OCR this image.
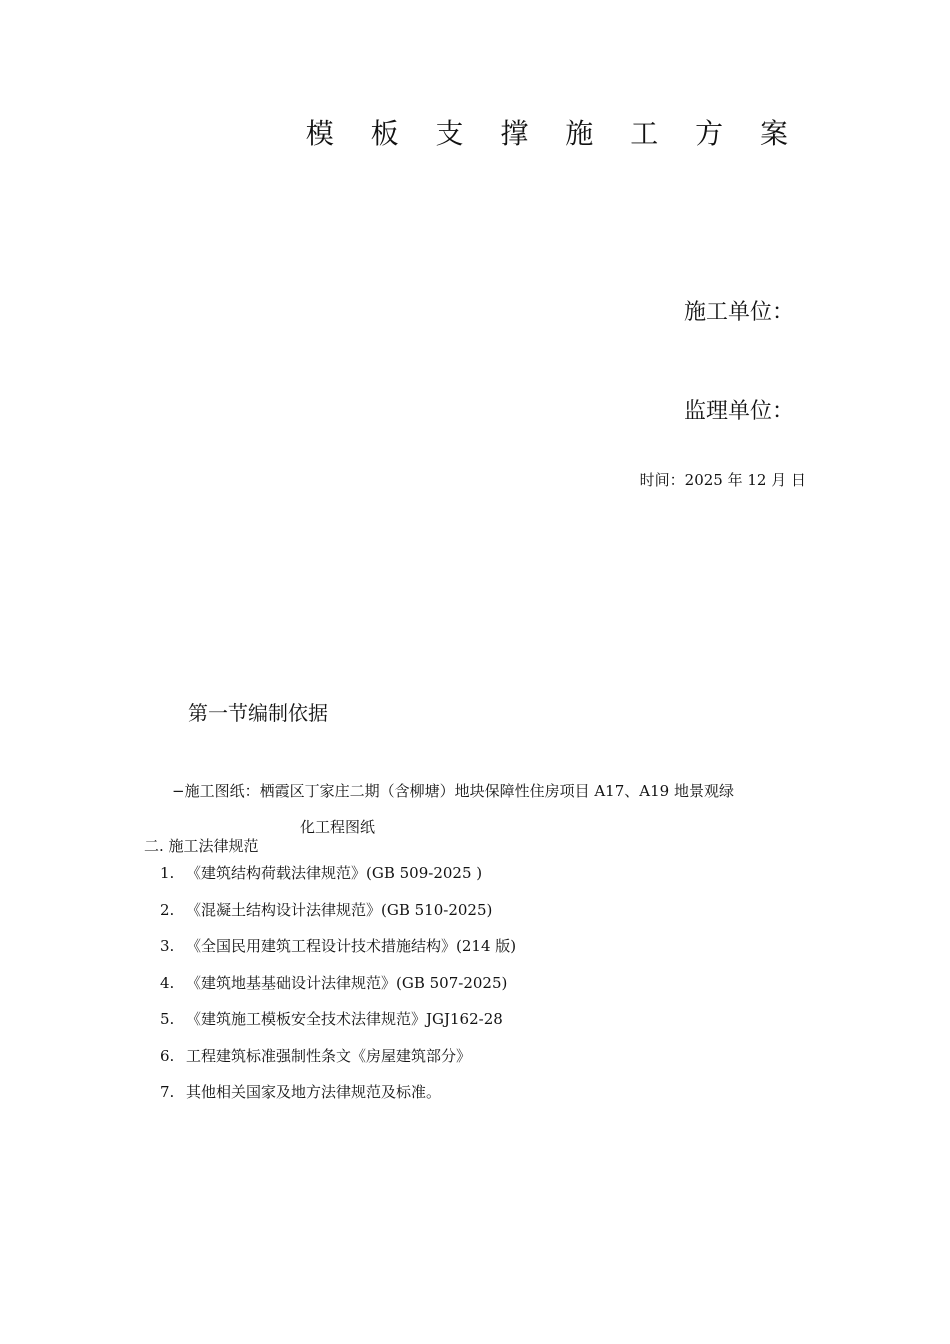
模 板 支 撑 施 工 方 案
施工单位：
监理单位：
时间：2025 年 12 月 日
第一节编制依据
−施工图纸：栖霞区丁家庄二期（含柳塘）地块保障性住房项目 A17、A19 地景观绿
化工程图纸
二. 施工法律规范
1. 《建筑结构荷载法律规范》(GB 509-2025 )
2. 《混凝土结构设计法律规范》(GB 510-2025)
3. 《全国民用建筑工程设计技术措施结构》(214 版)
4. 《建筑地基基础设计法律规范》(GB 507-2025)
5. 《建筑施工模板安全技术法律规范》JGJ162-28
6. 工程建筑标准强制性条文《房屋建筑部分》
7. 其他相关国家及地方法律规范及标准。
